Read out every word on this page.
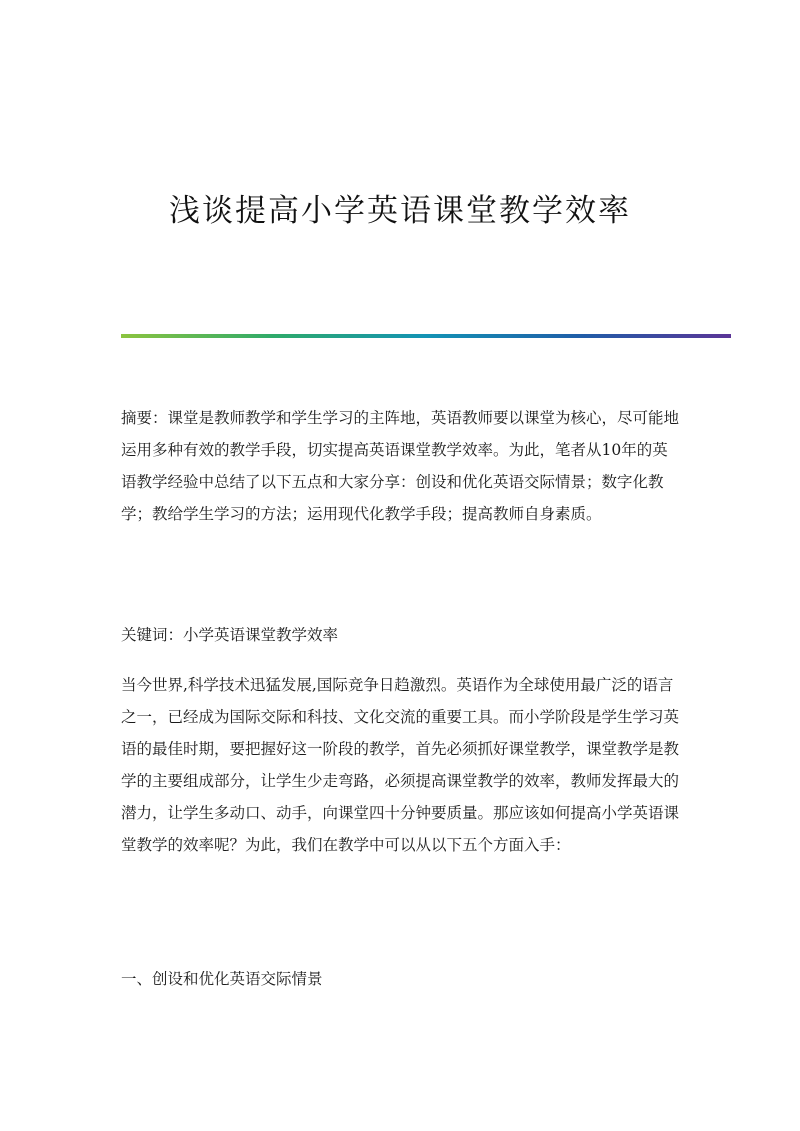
浅谈提高小学英语课堂教学效率

摘要：课堂是教师教学和学生学习的主阵地，英语教师要以课堂为核心，尽可能地运用多种有效的教学手段，切实提高英语课堂教学效率。为此，笔者从10年的英语教学经验中总结了以下五点和大家分享：创设和优化英语交际情景；数字化教学；教给学生学习的方法；运用现代化教学手段；提高教师自身素质。

关键词：小学英语课堂教学效率

当今世界,科学技术迅猛发展,国际竞争日趋激烈。英语作为全球使用最广泛的语言之一，已经成为国际交际和科技、文化交流的重要工具。而小学阶段是学生学习英语的最佳时期，要把握好这一阶段的教学，首先必须抓好课堂教学，课堂教学是教学的主要组成部分，让学生少走弯路，必须提高课堂教学的效率，教师发挥最大的潜力，让学生多动口、动手，向课堂四十分钟要质量。那应该如何提高小学英语课堂教学的效率呢？为此，我们在教学中可以从以下五个方面入手：

一、创设和优化英语交际情景
